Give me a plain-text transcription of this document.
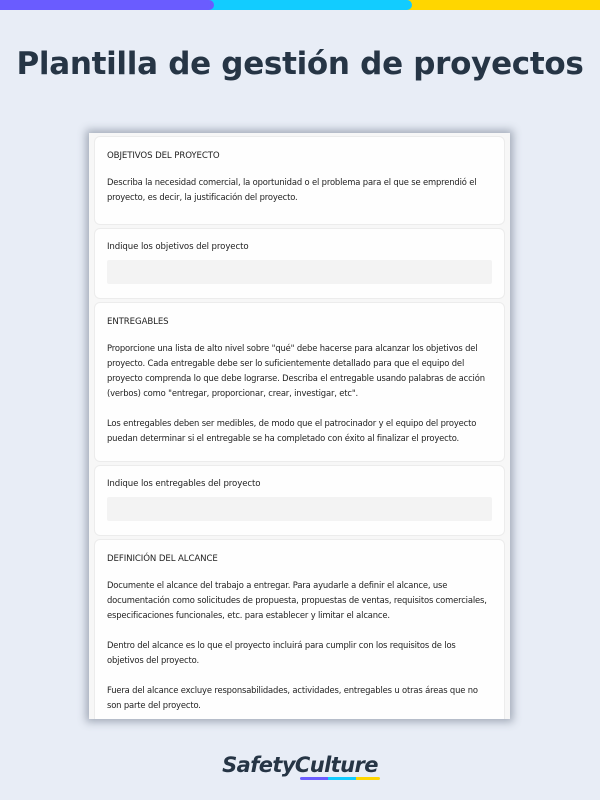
Plantilla de gestión de proyectos
OBJETIVOS DEL PROYECTO

Describa la necesidad comercial, la oportunidad o el problema para el que se emprendió el proyecto, es decir, la justificación del proyecto.

Indique los objetivos del proyecto
ENTREGABLES

Proporcione una lista de alto nivel sobre "qué" debe hacerse para alcanzar los objetivos del proyecto. Cada entregable debe ser lo suficientemente detallado para que el equipo del proyecto comprenda lo que debe lograrse. Describa el entregable usando palabras de acción (verbos) como "entregar, proporcionar, crear, investigar, etc".

Los entregables deben ser medibles, de modo que el patrocinador y el equipo del proyecto puedan determinar si el entregable se ha completado con éxito al finalizar el proyecto.

Indique los entregables del proyecto
DEFINICIÓN DEL ALCANCE

Documente el alcance del trabajo a entregar. Para ayudarle a definir el alcance, use documentación como solicitudes de propuesta, propuestas de ventas, requisitos comerciales, especificaciones funcionales, etc. para establecer y limitar el alcance.

Dentro del alcance es lo que el proyecto incluirá para cumplir con los requisitos de los objetivos del proyecto.

Fuera del alcance excluye responsabilidades, actividades, entregables u otras áreas que no son parte del proyecto.

SafetyCulture
